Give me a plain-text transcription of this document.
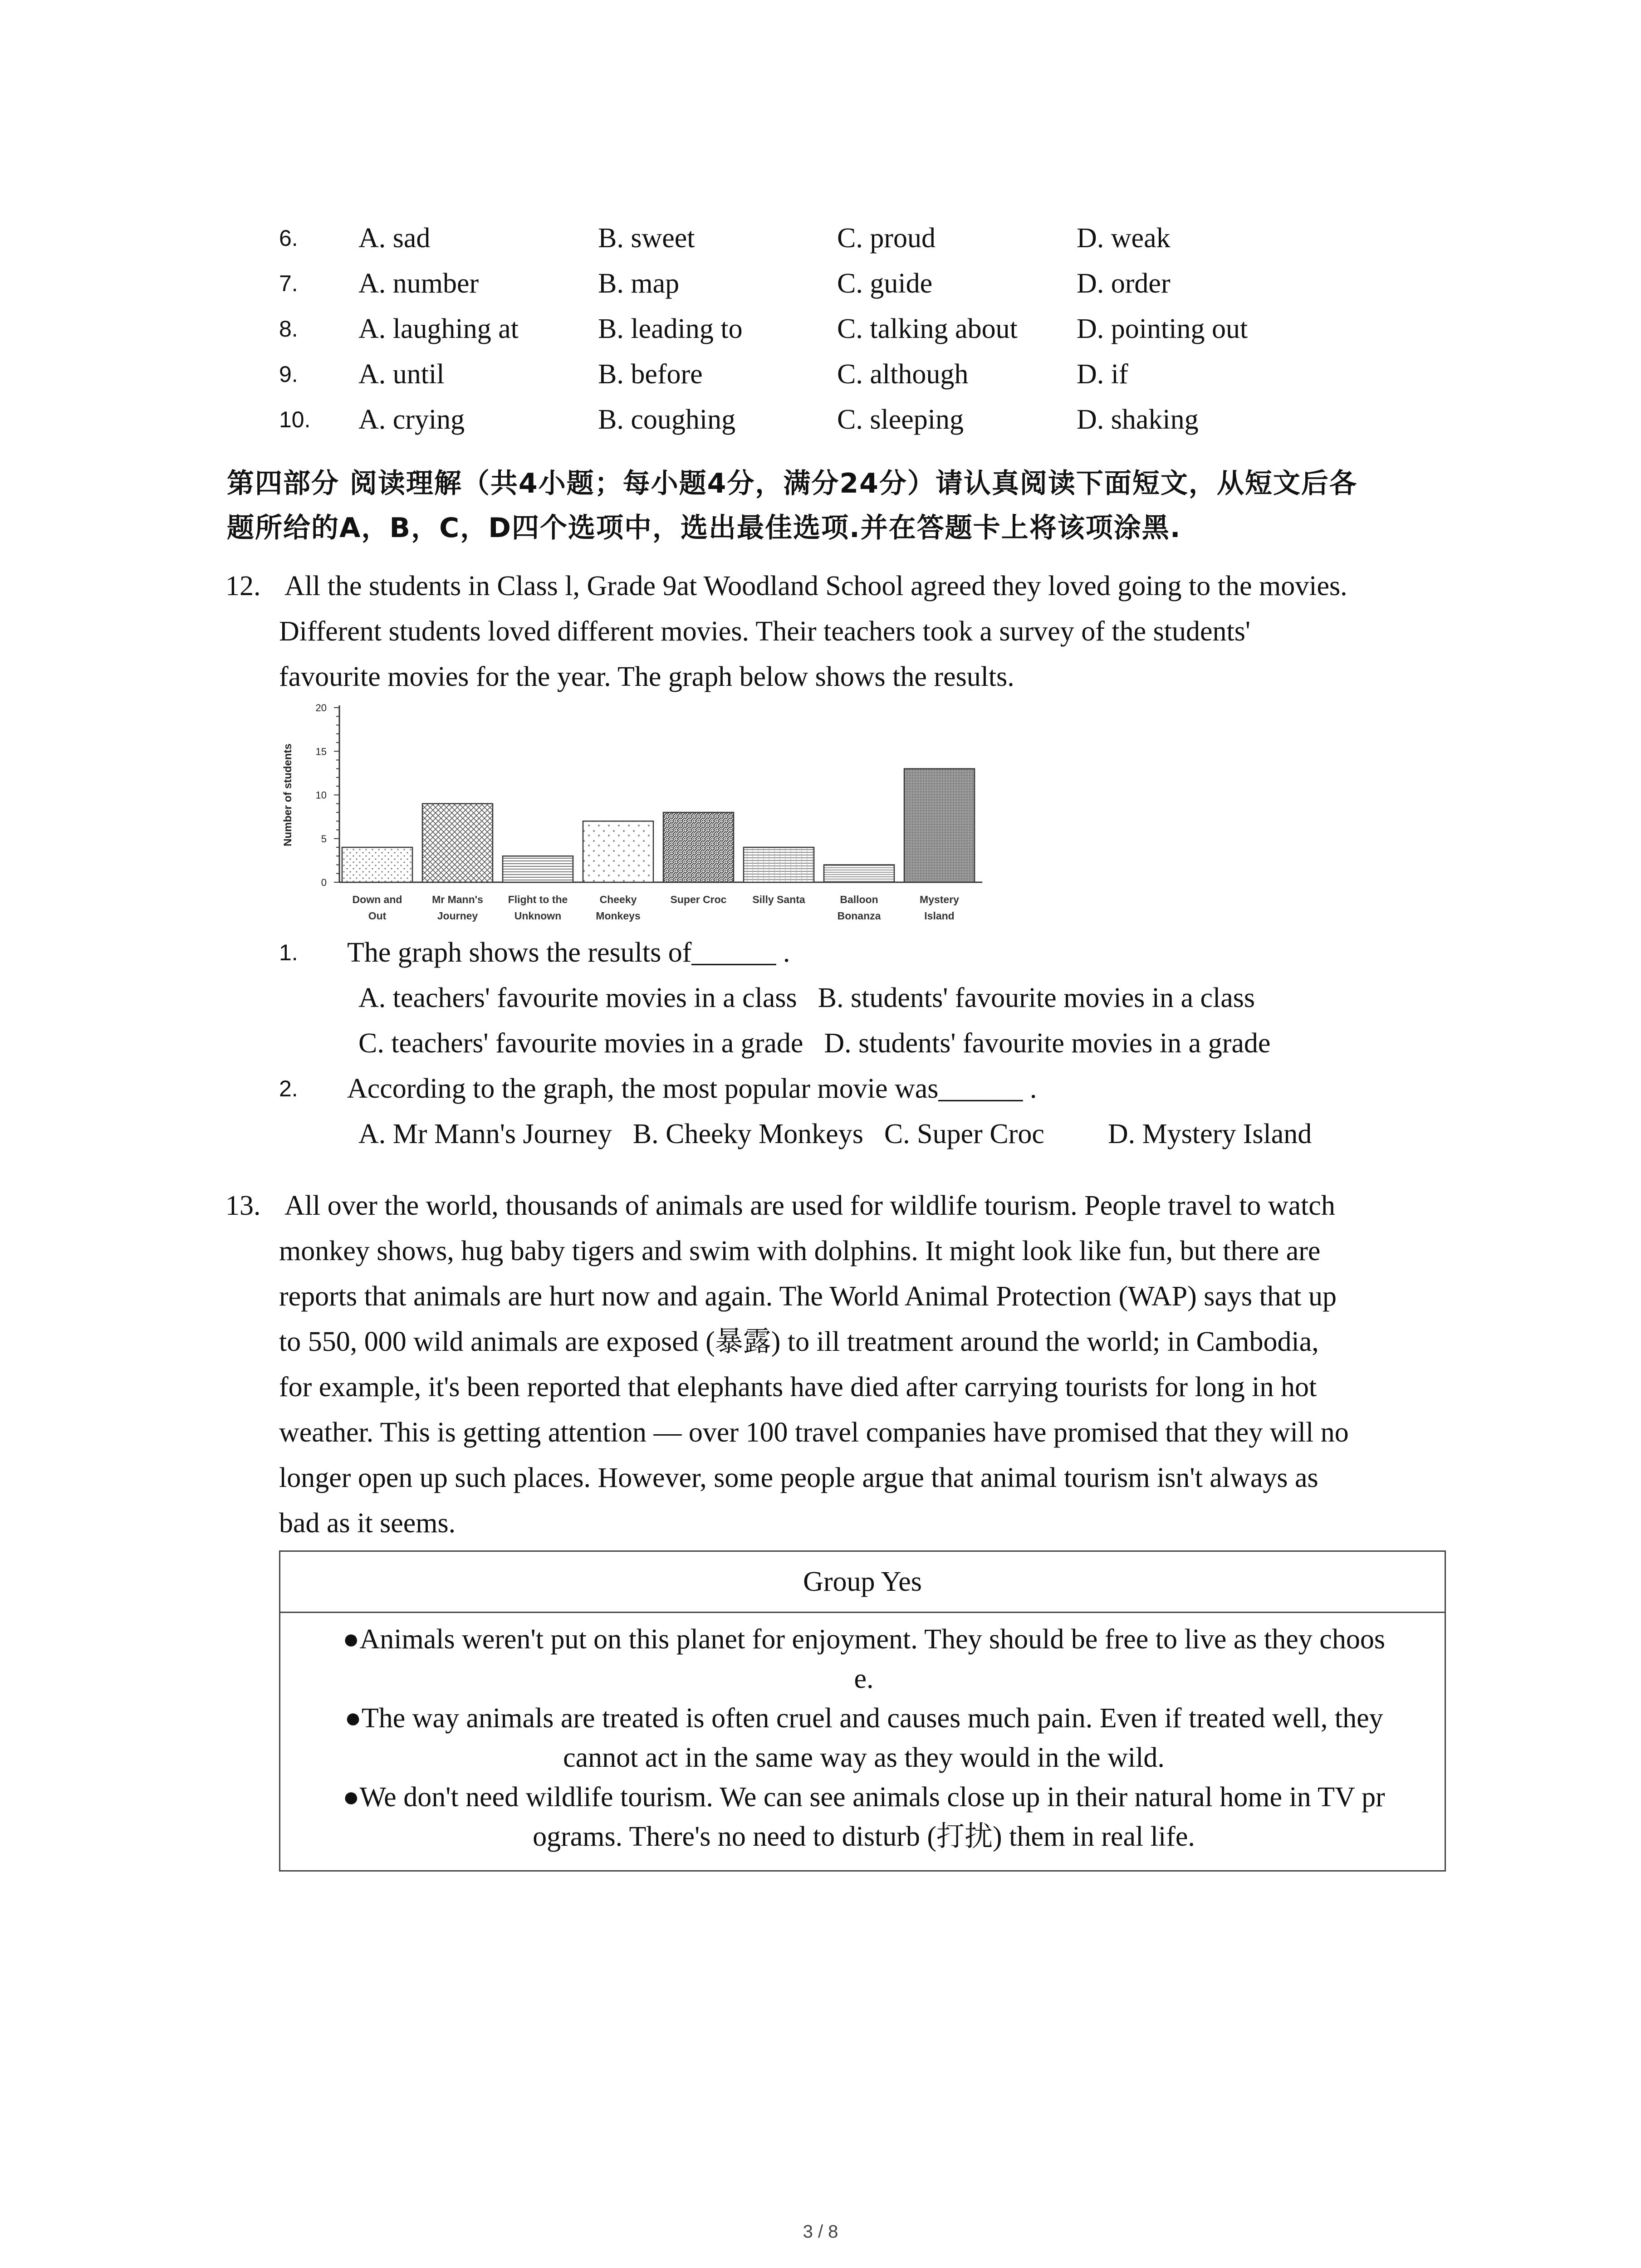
6. A. sad	B. sweet	C. proud	D. weak
7. A. number	B. map	C. guide	D. order
8. A. laughing at	B. leading to	C. talking about D. pointing out
9. A. until	B. before	C. although	D. if
10. A. crying	B. coughing	C. sleeping	D. shaking
第四部分 阅读理解（共4小题；每小题4分，满分24分）请认真阅读下面短文，从短文后各
题所给的A，B，C，D四个选项中，选出最佳选项.并在答题卡上将该项涂黑.
12. All the students in Class l, Grade 9at Woodland School agreed they loved going to the movies.
Different students loved different movies. Their teachers took a survey of the students'
favourite movies for the year. The graph below shows the results.
0
5
10
15
20
Number of students
Down and
Out
Mr Mann's
Journey
Flight to the
Unknown
Cheeky
Monkeys
Super Croc Silly Santa	Balloon
Bonanza
Mystery
Island
1. The graph shows the results of______ .
A. teachers' favourite movies in a class B. students' favourite movies in a class
C. teachers' favourite movies in a grade D. students' favourite movies in a grade
2. According to the graph, the most popular movie was______ .
A. Mr Mann's Journey B. Cheeky Monkeys C. Super Croc D. Mystery Island
13. All over the world, thousands of animals are used for wildlife tourism. People travel to watch
monkey shows, hug baby tigers and swim with dolphins. It might look like fun, but there are
reports that animals are hurt now and again. The World Animal Protection (WAP) says that up
to 550, 000 wild animals are exposed (暴露) to ill treatment around the world; in Cambodia,
for example, it's been reported that elephants have died after carrying tourists for long in hot
weather. This is getting attention — over 100 travel companies have promised that they will no
longer open up such places. However, some people argue that animal tourism isn't always as
bad as it seems.
Group Yes
●Animals weren't put on this planet for enjoyment. They should be free to live as they choos
e.
●The way animals are treated is often cruel and causes much pain. Even if treated well, they
cannot act in the same way as they would in the wild.
●We don't need wildlife tourism. We can see animals close up in their natural home in TV pr
ograms. There's no need to disturb (打扰) them in real life.
3 / 8
